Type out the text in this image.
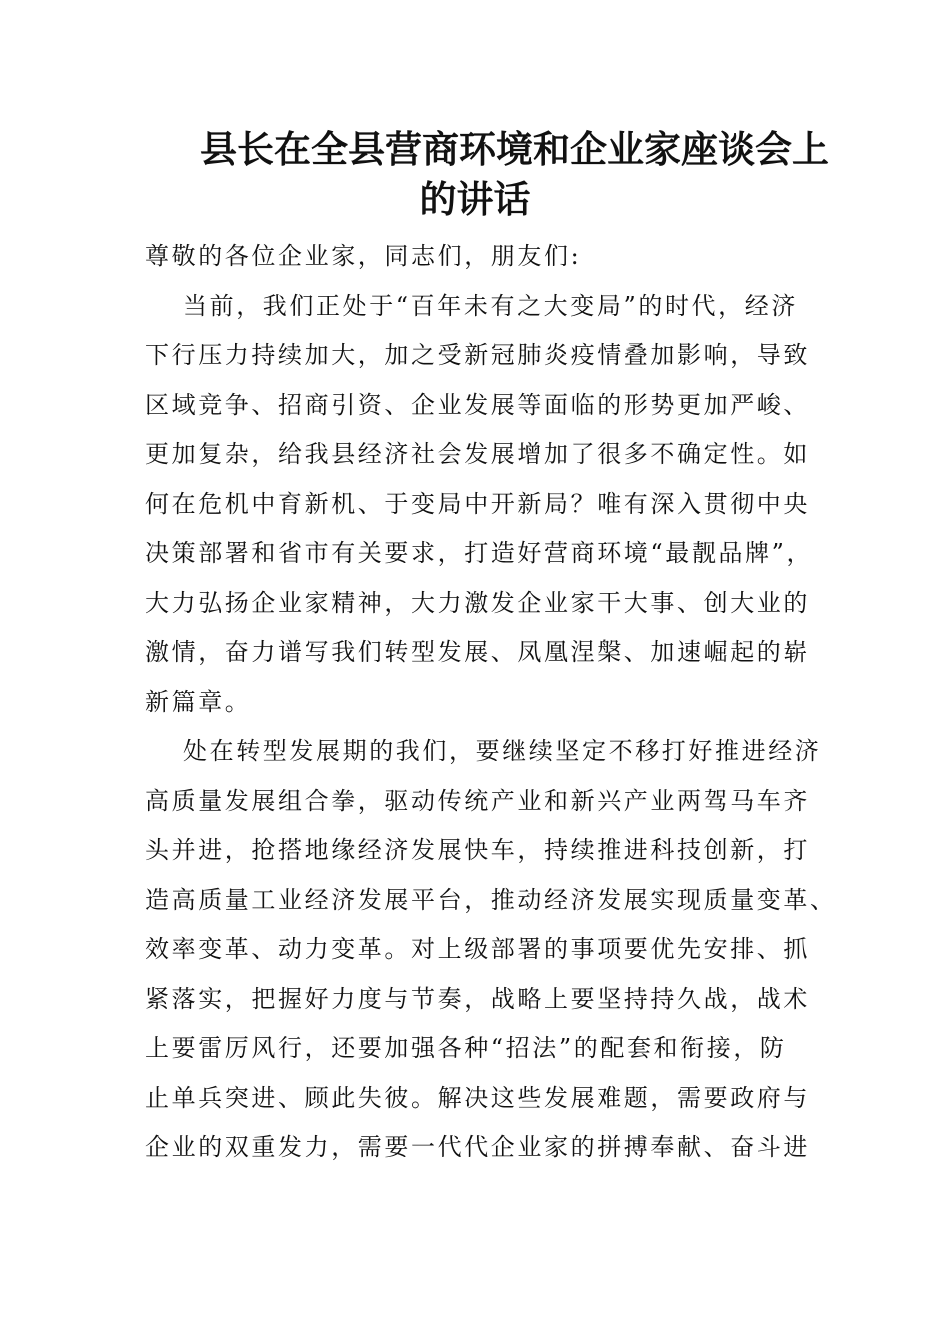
县长在全县营商环境和企业家座谈会上
的讲话
尊敬的各位企业家，同志们，朋友们:
当前，我们正处于“百年未有之大变局”的时代，经济
下行压力持续加大，加之受新冠肺炎疫情叠加影响，导致
区域竞争、招商引资、企业发展等面临的形势更加严峻、
更加复杂，给我县经济社会发展增加了很多不确定性。如
何在危机中育新机、于变局中开新局？唯有深入贯彻中央
决策部署和省市有关要求，打造好营商环境“最靓品牌”，
大力弘扬企业家精神，大力激发企业家干大事、创大业的
激情，奋力谱写我们转型发展、凤凰涅槃、加速崛起的崭
新篇章。
处在转型发展期的我们，要继续坚定不移打好推进经济
高质量发展组合拳，驱动传统产业和新兴产业两驾马车齐
头并进，抢搭地缘经济发展快车，持续推进科技创新，打
造高质量工业经济发展平台，推动经济发展实现质量变革、
效率变革、动力变革。对上级部署的事项要优先安排、抓
紧落实，把握好力度与节奏，战略上要坚持持久战，战术
上要雷厉风行，还要加强各种“招法”的配套和衔接，防
止单兵突进、顾此失彼。解决这些发展难题，需要政府与
企业的双重发力，需要一代代企业家的拼搏奉献、奋斗进
